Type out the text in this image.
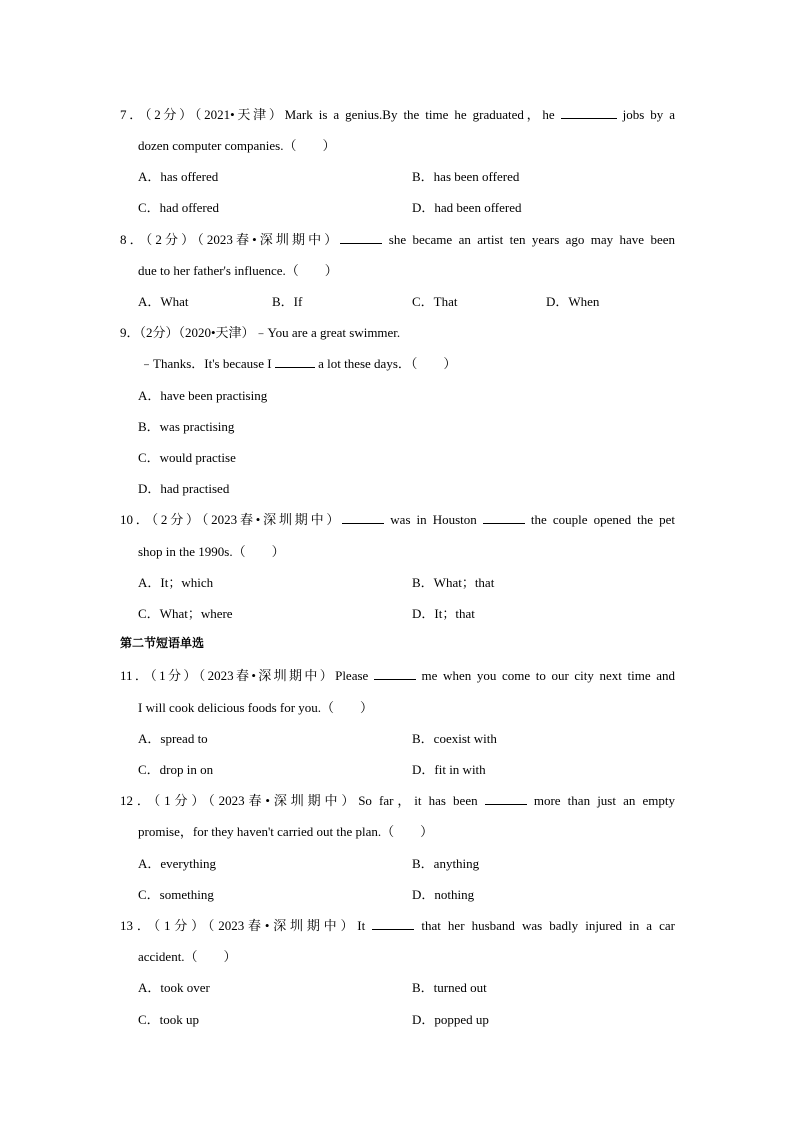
7．（2分）（2021•天津）Mark is a genius.By the time he graduated，he	jobs by a
dozen computer companies.（　　）
A．has offered	B．has been offered
C．had offered	D．had been offered
8．（2分）（2023春•深圳期中）	she became an artist ten years ago may have been
due to her father's influence.（　　）
A．What	B．If	C．That	D．When
9．（2分）（2020•天津）﹣You are a great swimmer.
﹣Thanks．It's because I	a lot these days．（　　）
A．have been practising
B．was practising
C．would practise
D．had practised
10．（2分）（2023春•深圳期中）	was in Houston	the couple opened the pet
shop in the 1990s.（　　）
A．It；which	B．What；that
C．What；where	D．It；that
第二节短语单选
11．（1分）（2023春•深圳期中）Please	me when you come to our city next time and
I will cook delicious foods for you.（　　）
A．spread to	B．coexist with
C．drop in on	D．fit in with
12．（1分）（2023春•深圳期中）So far，it has been	more than just an empty
promise，for they haven't carried out the plan.（　　）
A．everything	B．anything
C．something	D．nothing
13．（1分）（2023春•深圳期中）It	that her husband was badly injured in a car
accident.（　　）
A．took over	B．turned out
C．took up	D．popped up
